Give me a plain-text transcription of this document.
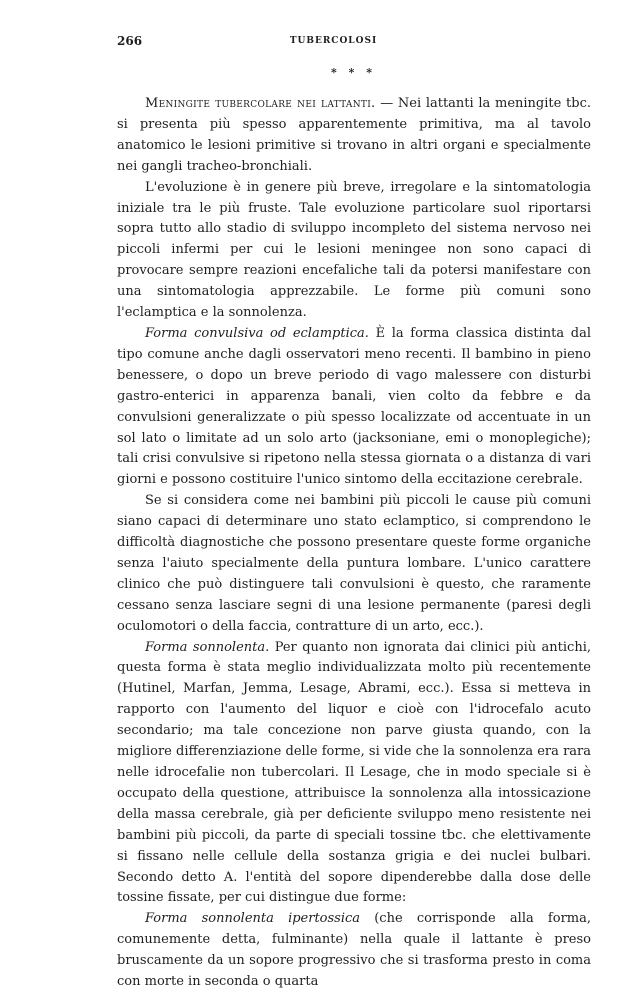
266	TUBERCOLOSI
* * *

Meningite tubercolare nei lattanti. — Nei lattanti la meningite tbc. si presenta più spesso apparentemente primitiva, ma al tavolo anatomico le lesioni primitive si trovano in altri organi e specialmente nei gangli tracheo-bronchiali.

L'evoluzione è in genere più breve, irregolare e la sintomatologia iniziale tra le più fruste. Tale evoluzione particolare suol riportarsi sopra tutto allo stadio di sviluppo incompleto del sistema nervoso nei piccoli infermi per cui le lesioni meningee non sono capaci di provocare sempre reazioni encefaliche tali da potersi manifestare con una sintomatologia apprezzabile. Le forme più comuni sono l'eclamptica e la sonnolenza.

Forma convulsiva od eclamptica. È la forma classica distinta dal tipo comune anche dagli osservatori meno recenti. Il bambino in pieno benessere, o dopo un breve periodo di vago malessere con disturbi gastro-enterici in apparenza banali, vien colto da febbre e da convulsioni generalizzate o più spesso localizzate od accentuate in un sol lato o limitate ad un solo arto (jacksoniane, emi o monoplegiche); tali crisi convulsive si ripetono nella stessa giornata o a distanza di vari giorni e possono costituire l'unico sintomo della eccitazione cerebrale.

Se si considera come nei bambini più piccoli le cause più comuni siano capaci di determinare uno stato eclamptico, si comprendono le difficoltà diagnostiche che possono presentare queste forme organiche senza l'aiuto specialmente della puntura lombare. L'unico carattere clinico che può distinguere tali convulsioni è questo, che raramente cessano senza lasciare segni di una lesione permanente (paresi degli oculomotori o della faccia, contratture di un arto, ecc.).

Forma sonnolenta. Per quanto non ignorata dai clinici più antichi, questa forma è stata meglio individualizzata molto più recentemente (Hutinel, Marfan, Jemma, Lesage, Abrami, ecc.). Essa si metteva in rapporto con l'aumento del liquor e cioè con l'idrocefalo acuto secondario; ma tale concezione non parve giusta quando, con la migliore differenziazione delle forme, si vide che la sonnolenza era rara nelle idrocefalie non tubercolari. Il Lesage, che in modo speciale si è occupato della questione, attribuisce la sonnolenza alla intossicazione della massa cerebrale, già per deficiente sviluppo meno resistente nei bambini più piccoli, da parte di speciali tossine tbc. che elettivamente si fissano nelle cellule della sostanza grigia e dei nuclei bulbari. Secondo detto A. l'entità del sopore dipenderebbe dalla dose delle tossine fissate, per cui distingue due forme:

Forma sonnolenta ipertossica (che corrisponde alla forma, comunemente detta, fulminante) nella quale il lattante è preso bruscamente da un sopore progressivo che si trasforma presto in coma con morte in seconda o quarta
